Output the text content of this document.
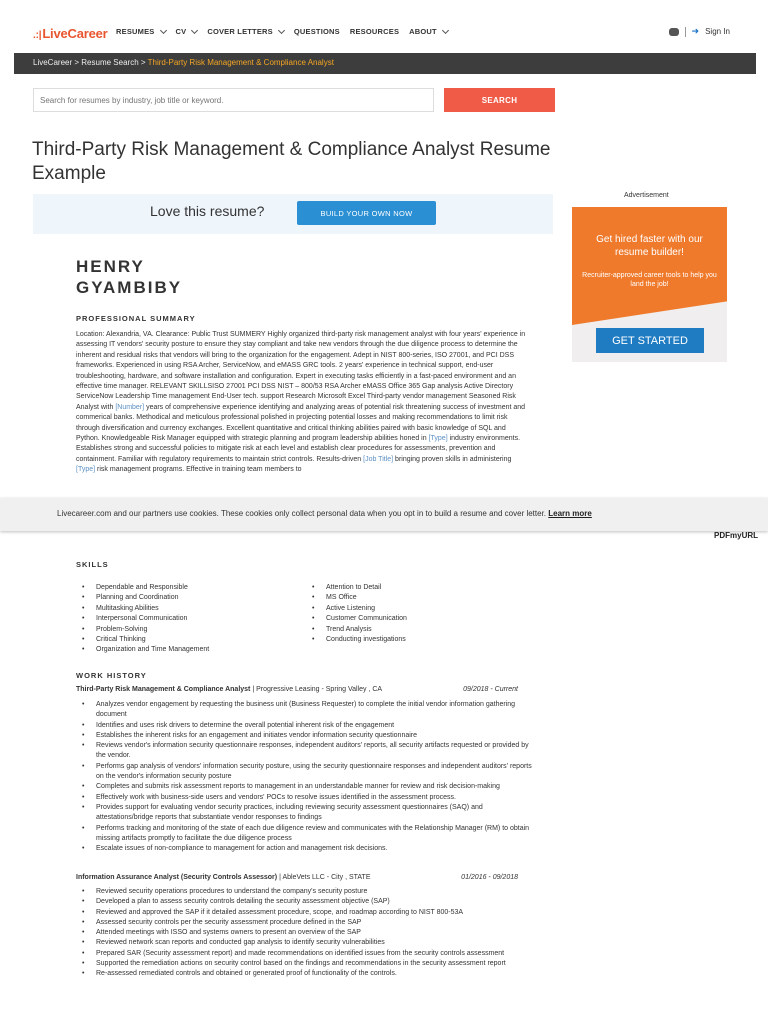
.:|LiveCareer RESUMES	CV	COVER LETTERS	QUESTIONS RESOURCES ABOUT	➜ Sign In
LiveCareer > Resume Search > Third-Party Risk Management & Compliance Analyst
Search for resumes by industry, job title or keyword.
SEARCH
Third-Party Risk Management & Compliance Analyst Resume Example
Love this resume?	BUILD YOUR OWN NOW
HENRY
GYAMBIBY
PROFESSIONAL SUMMARY
Location: Alexandria, VA. Clearance: Public Trust SUMMERY Highly organized third-party risk management analyst with four years' experience in assessing IT vendors' security posture to ensure they stay compliant and take new vendors through the due diligence process to determine the inherent and residual risks that vendors will bring to the organization for the engagement. Adept in NIST 800-series, ISO 27001, and PCI DSS frameworks. Experienced in using RSA Archer, ServiceNow, and eMASS GRC tools. 2 years' experience in technical support, end-user troubleshooting, hardware, and software installation and configuration. Expert in executing tasks efficiently in a fast-paced environment and an effective time manager. RELEVANT SKILLSISO 27001 PCI DSS NIST – 800/53 RSA Archer eMASS Office 365 Gap analysis Active Directory ServiceNow Leadership Time management End-User tech. support Research Microsoft Excel Third-party vendor management Seasoned Risk Analyst with [Number] years of comprehensive experience identifying and analyzing areas of potential risk threatening success of investment and commerical banks. Methodical and meticulous professional polished in projecting potential losses and making recommendations to limit risk through diversification and currency exchanges. Excellent quantitative and critical thinking abilities paired with basic knowledge of SQL and Python. Knowledgeable Risk Manager equipped with strategic planning and program leadership abilities honed in [Type] industry environments. Establishes strong and successful policies to mitigate risk at each level and establish clear procedures for assessments, prevention and containment. Familiar with regulatory requirements to maintain strict controls. Results-driven [Job Title] bringing proven skills in administering [Type] risk management programs. Effective in training team members to
SKILLS
• Dependable and Responsible
• Planning and Coordination
• Multitasking Abilities
• Interpersonal Communication
• Problem-Solving
• Critical Thinking
• Organization and Time Management
• Attention to Detail
• MS Office
• Active Listening
• Customer Communication
• Trend Analysis
• Conducting investigations
WORK HISTORY
Third-Party Risk Management & Compliance Analyst | Progressive Leasing - Spring Valley , CA	09/2018 - Current
• Analyzes vendor engagement by requesting the business unit (Business Requester) to complete the initial vendor information gathering document
• Identifies and uses risk drivers to determine the overall potential inherent risk of the engagement
• Establishes the inherent risks for an engagement and initiates vendor information security questionnaire
• Reviews vendor's information security questionnaire responses, independent auditors' reports, all security artifacts requested or provided by the vendor.
• Performs gap analysis of vendors' information security posture, using the security questionnaire responses and independent auditors' reports on the vendor's information security posture
• Completes and submits risk assessment reports to management in an understandable manner for review and risk decision-making
• Effectively work with business-side users and vendors' POCs to resolve issues identified in the assessment process.
• Provides support for evaluating vendor security practices, including reviewing security assessment questionnaires (SAQ) and attestations/bridge reports that substantiate vendor responses to findings
• Performs tracking and monitoring of the state of each due diligence review and communicates with the Relationship Manager (RM) to obtain missing artifacts promptly to facilitate the due diligence process
• Escalate issues of non-compliance to management for action and management risk decisions.
Information Assurance Analyst (Security Controls Assessor) | AbleVets LLC - City , STATE	01/2016 - 09/2018
• Reviewed security operations procedures to understand the company's security posture
• Developed a plan to assess security controls detailing the security assessment objective (SAP)
• Reviewed and approved the SAP if it detailed assessment procedure, scope, and roadmap according to NIST 800-53A
• Assessed security controls per the security assessment procedure defined in the SAP
• Attended meetings with ISSO and systems owners to present an overview of the SAP
• Reviewed network scan reports and conducted gap analysis to identify security vulnerabilities
• Prepared SAR (Security assessment report) and made recommendations on identified issues from the security controls assessment
• Supported the remediation actions on security control based on the findings and recommendations in the security assessment report
• Re-assessed remediated controls and obtained or generated proof of functionality of the controls.
Advertisement
Get hired faster with our resume builder!
Recruiter-approved career tools to help you land the job!
GET STARTED
Livecareer.com and our partners use cookies. These cookies only collect personal data when you opt in to build a resume and cover letter. Learn more
PDFmyURL
